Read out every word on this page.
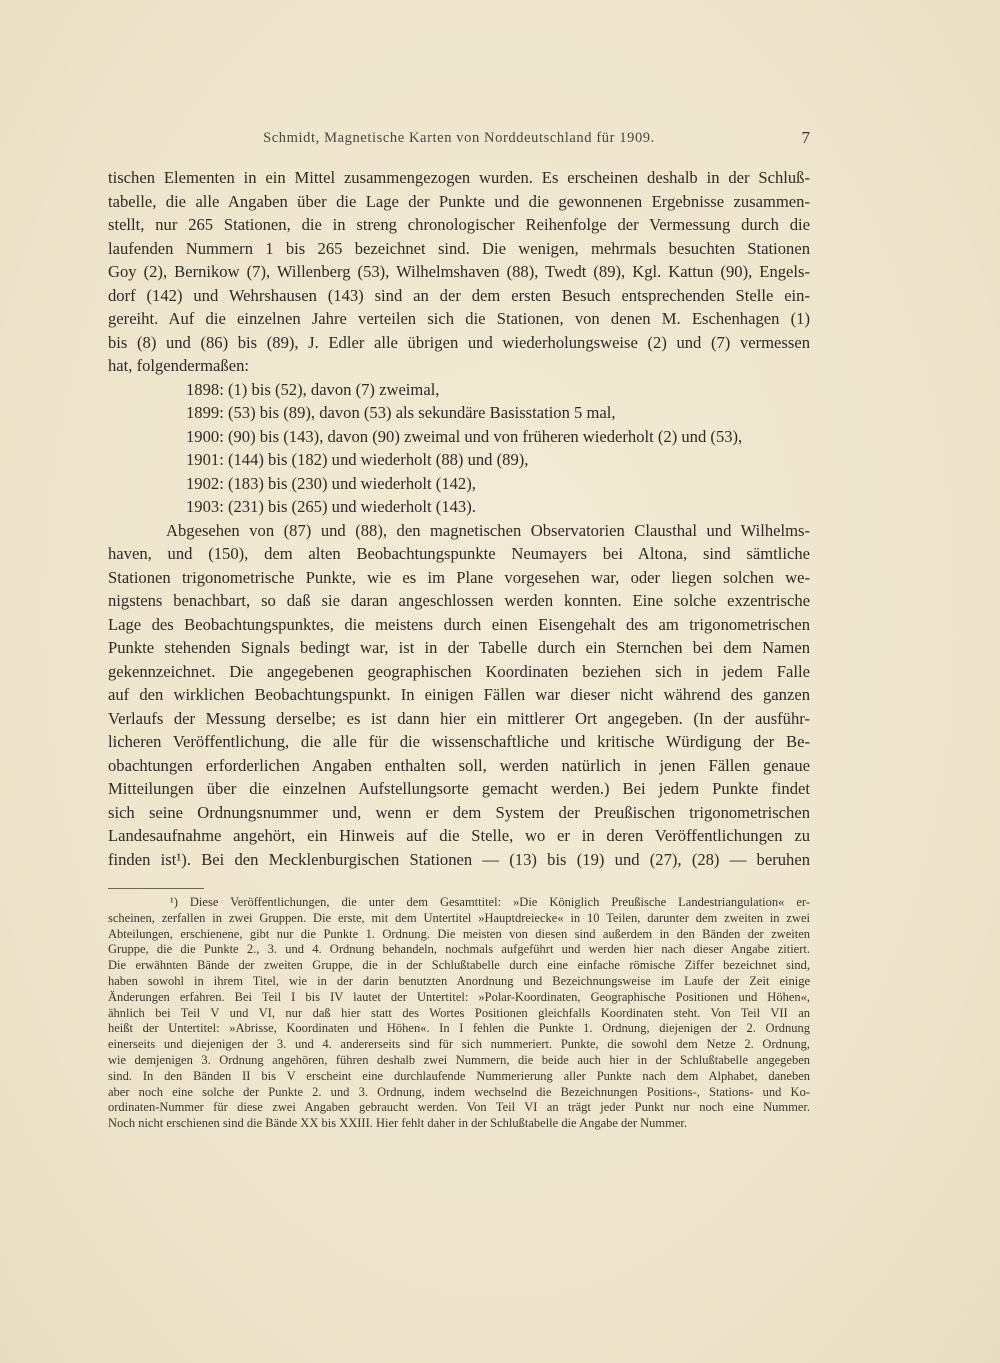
Schmidt, Magnetische Karten von Norddeutschland für 1909.	7
tischen Elementen in ein Mittel zusammengezogen wurden. Es erscheinen deshalb in der Schluß-
tabelle, die alle Angaben über die Lage der Punkte und die gewonnenen Ergebnisse zusammen-
stellt, nur 265 Stationen, die in streng chronologischer Reihenfolge der Vermessung durch die
laufenden Nummern 1 bis 265 bezeichnet sind. Die wenigen, mehrmals besuchten Stationen
Goy (2), Bernikow (7), Willenberg (53), Wilhelmshaven (88), Twedt (89), Kgl. Kattun (90), Engels-
dorf (142) und Wehrshausen (143) sind an der dem ersten Besuch entsprechenden Stelle ein-
gereiht. Auf die einzelnen Jahre verteilen sich die Stationen, von denen M. Eschenhagen (1)
bis (8) und (86) bis (89), J. Edler alle übrigen und wiederholungsweise (2) und (7) vermessen
hat, folgendermaßen:
1898: (1) bis (52), davon (7) zweimal,
1899: (53) bis (89), davon (53) als sekundäre Basisstation 5 mal,
1900: (90) bis (143), davon (90) zweimal und von früheren wiederholt (2) und (53),
1901: (144) bis (182) und wiederholt (88) und (89),
1902: (183) bis (230) und wiederholt (142),
1903: (231) bis (265) und wiederholt (143).
Abgesehen von (87) und (88), den magnetischen Observatorien Clausthal und Wilhelms-
haven, und (150), dem alten Beobachtungspunkte Neumayers bei Altona, sind sämtliche
Stationen trigonometrische Punkte, wie es im Plane vorgesehen war, oder liegen solchen we-
nigstens benachbart, so daß sie daran angeschlossen werden konnten. Eine solche exzentrische
Lage des Beobachtungspunktes, die meistens durch einen Eisengehalt des am trigonometrischen
Punkte stehenden Signals bedingt war, ist in der Tabelle durch ein Sternchen bei dem Namen
gekennzeichnet. Die angegebenen geographischen Koordinaten beziehen sich in jedem Falle
auf den wirklichen Beobachtungspunkt. In einigen Fällen war dieser nicht während des ganzen
Verlaufs der Messung derselbe; es ist dann hier ein mittlerer Ort angegeben. (In der ausführ-
licheren Veröffentlichung, die alle für die wissenschaftliche und kritische Würdigung der Be-
obachtungen erforderlichen Angaben enthalten soll, werden natürlich in jenen Fällen genaue
Mitteilungen über die einzelnen Aufstellungsorte gemacht werden.) Bei jedem Punkte findet
sich seine Ordnungsnummer und, wenn er dem System der Preußischen trigonometrischen
Landesaufnahme angehört, ein Hinweis auf die Stelle, wo er in deren Veröffentlichungen zu
finden ist¹). Bei den Mecklenburgischen Stationen — (13) bis (19) und (27), (28) — beruhen
¹) Diese Veröffentlichungen, die unter dem Gesamttitel: »Die Königlich Preußische Landestriangulation« er-
scheinen, zerfallen in zwei Gruppen. Die erste, mit dem Untertitel »Hauptdreiecke« in 10 Teilen, darunter dem zweiten in zwei
Abteilungen, erschienene, gibt nur die Punkte 1. Ordnung. Die meisten von diesen sind außerdem in den Bänden der zweiten
Gruppe, die die Punkte 2., 3. und 4. Ordnung behandeln, nochmals aufgeführt und werden hier nach dieser Angabe zitiert.
Die erwähnten Bände der zweiten Gruppe, die in der Schlußtabelle durch eine einfache römische Ziffer bezeichnet sind,
haben sowohl in ihrem Titel, wie in der darin benutzten Anordnung und Bezeichnungsweise im Laufe der Zeit einige
Änderungen erfahren. Bei Teil I bis IV lautet der Untertitel: »Polar-Koordinaten, Geographische Positionen und Höhen«,
ähnlich bei Teil V und VI, nur daß hier statt des Wortes Positionen gleichfalls Koordinaten steht. Von Teil VII an
heißt der Untertitel: »Abrisse, Koordinaten und Höhen«. In I fehlen die Punkte 1. Ordnung, diejenigen der 2. Ordnung
einerseits und diejenigen der 3. und 4. andererseits sind für sich nummeriert. Punkte, die sowohl dem Netze 2. Ordnung,
wie demjenigen 3. Ordnung angehören, führen deshalb zwei Nummern, die beide auch hier in der Schlußtabelle angegeben
sind. In den Bänden II bis V erscheint eine durchlaufende Nummerierung aller Punkte nach dem Alphabet, daneben
aber noch eine solche der Punkte 2. und 3. Ordnung, indem wechselnd die Bezeichnungen Positions-, Stations- und Ko-
ordinaten-Nummer für diese zwei Angaben gebraucht werden. Von Teil VI an trägt jeder Punkt nur noch eine Nummer.
Noch nicht erschienen sind die Bände XX bis XXIII. Hier fehlt daher in der Schlußtabelle die Angabe der Nummer.
